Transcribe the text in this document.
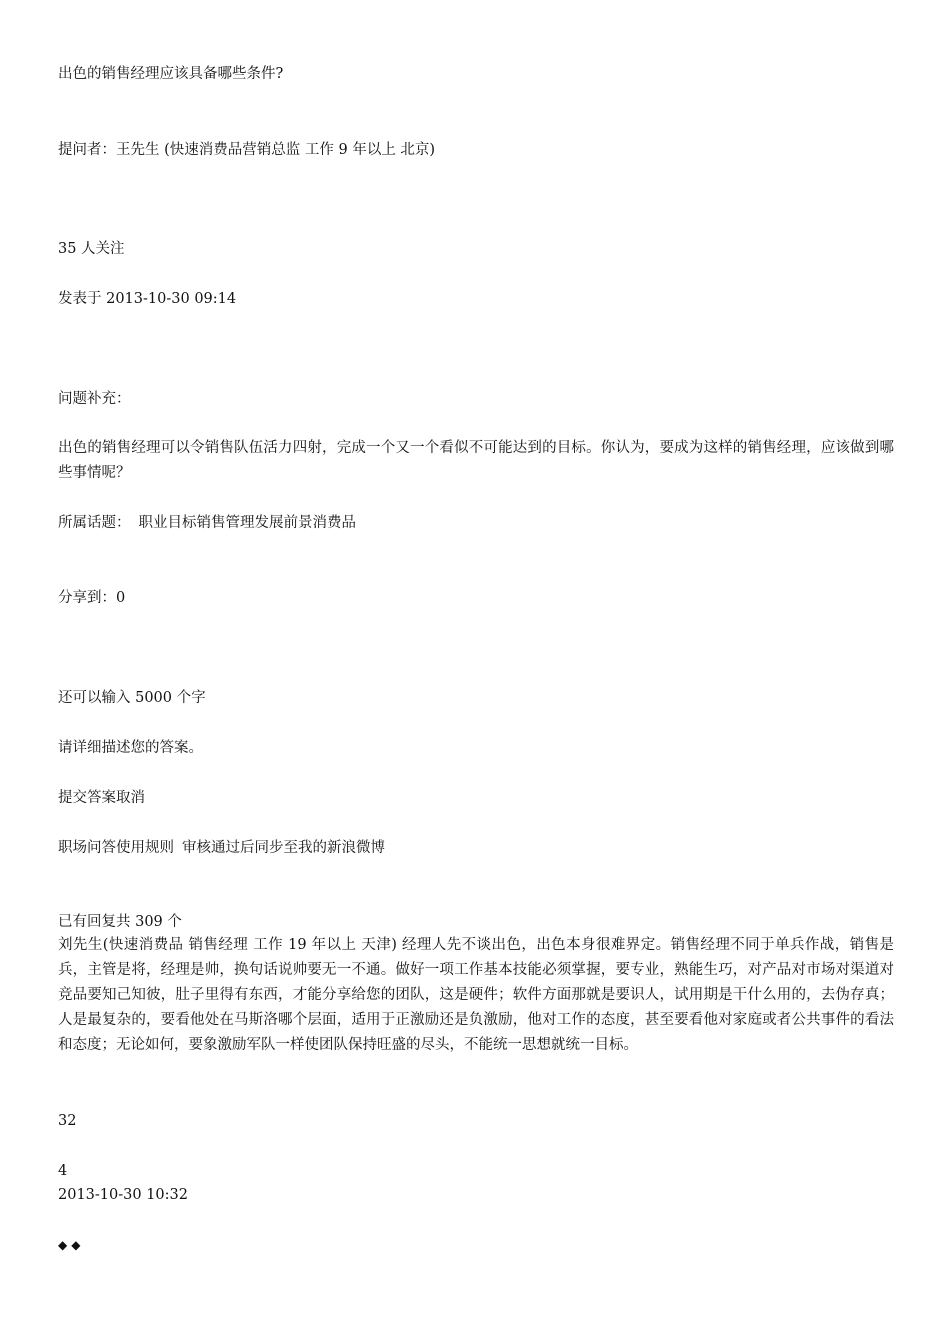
出色的销售经理应该具备哪些条件?
提问者：王先生 (快速消费品营销总监 工作 9 年以上 北京)
35 人关注
发表于 2013-10-30 09:14
问题补充：
出色的销售经理可以令销售队伍活力四射，完成一个又一个看似不可能达到的目标。你认为，要成为这样的销售经理，应该做到哪些事情呢？
所属话题： 职业目标销售管理发展前景消费品
分享到：0
还可以输入 5000 个字
请详细描述您的答案。
提交答案取消
职场问答使用规则 审核通过后同步至我的新浪微博
已有回复共 309 个
刘先生(快速消费品 销售经理 工作 19 年以上 天津) 经理人先不谈出色，出色本身很难界定。销售经理不同于单兵作战，销售是兵，主管是将，经理是帅，换句话说帅要无一不通。做好一项工作基本技能必须掌握，要专业，熟能生巧，对产品对市场对渠道对竞品要知己知彼，肚子里得有东西，才能分享给您的团队，这是硬件；软件方面那就是要识人，试用期是干什么用的，去伪存真；人是最复杂的，要看他处在马斯洛哪个层面，适用于正激励还是负激励，他对工作的态度，甚至要看他对家庭或者公共事件的看法和态度；无论如何，要象激励军队一样使团队保持旺盛的尽头，不能统一思想就统一目标。
32
4
2013-10-30 10:32
◆◆
